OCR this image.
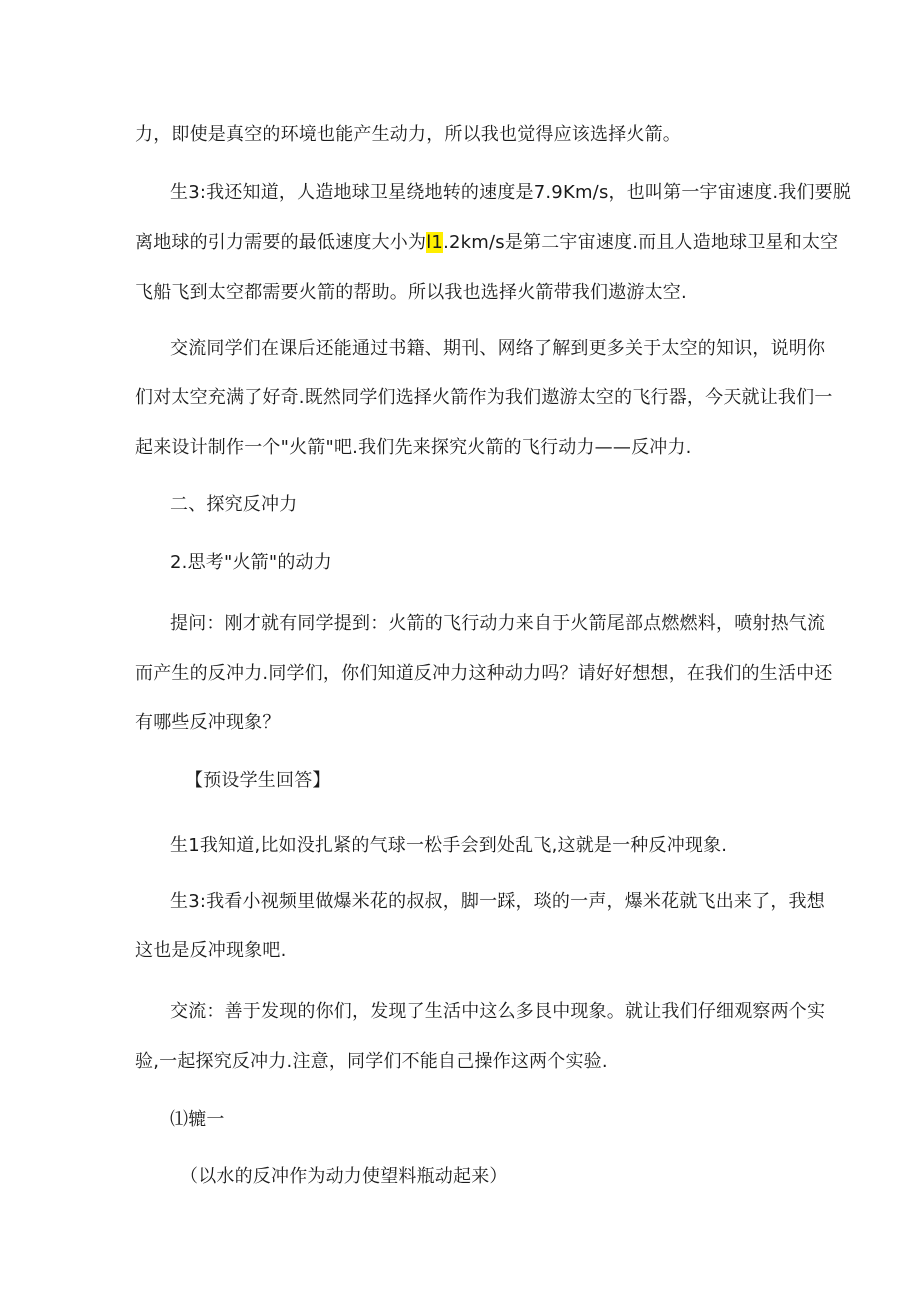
力，即使是真空的环境也能产生动力，所以我也觉得应该选择火箭。
生3:我还知道，人造地球卫星绕地转的速度是7.9Km∕s，也叫第一宇宙速度.我们要脱
离地球的引力需要的最低速度大小为l1.2km∕s是第二宇宙速度.而且人造地球卫星和太空
飞船飞到太空都需要火箭的帮助。所以我也选择火箭带我们遨游太空.
交流同学们在课后还能通过书籍、期刊、网络了解到更多关于太空的知识，说明你
们对太空充满了好奇.既然同学们选择火箭作为我们遨游太空的飞行器，今天就让我们一
起来设计制作一个"火箭"吧.我们先来探究火箭的飞行动力——反冲力.
二、探究反冲力
2.思考"火箭"的动力
提问：刚才就有同学提到：火箭的飞行动力来自于火箭尾部点燃燃料，喷射热气流
而产生的反冲力.同学们，你们知道反冲力这种动力吗？请好好想想，在我们的生活中还
有哪些反冲现象？
【预设学生回答】
生1我知道,比如没扎紧的气球一松手会到处乱飞,这就是一种反冲现象.
生3:我看小视频里做爆米花的叔叔，脚一踩，琰的一声，爆米花就飞出来了，我想
这也是反冲现象吧.
交流：善于发现的你们，发现了生活中这么多艮中现象。就让我们仔细观察两个实
验,一起探究反冲力.注意，同学们不能自己操作这两个实验.
⑴辘一
（以水的反冲作为动力使望料瓶动起来）
